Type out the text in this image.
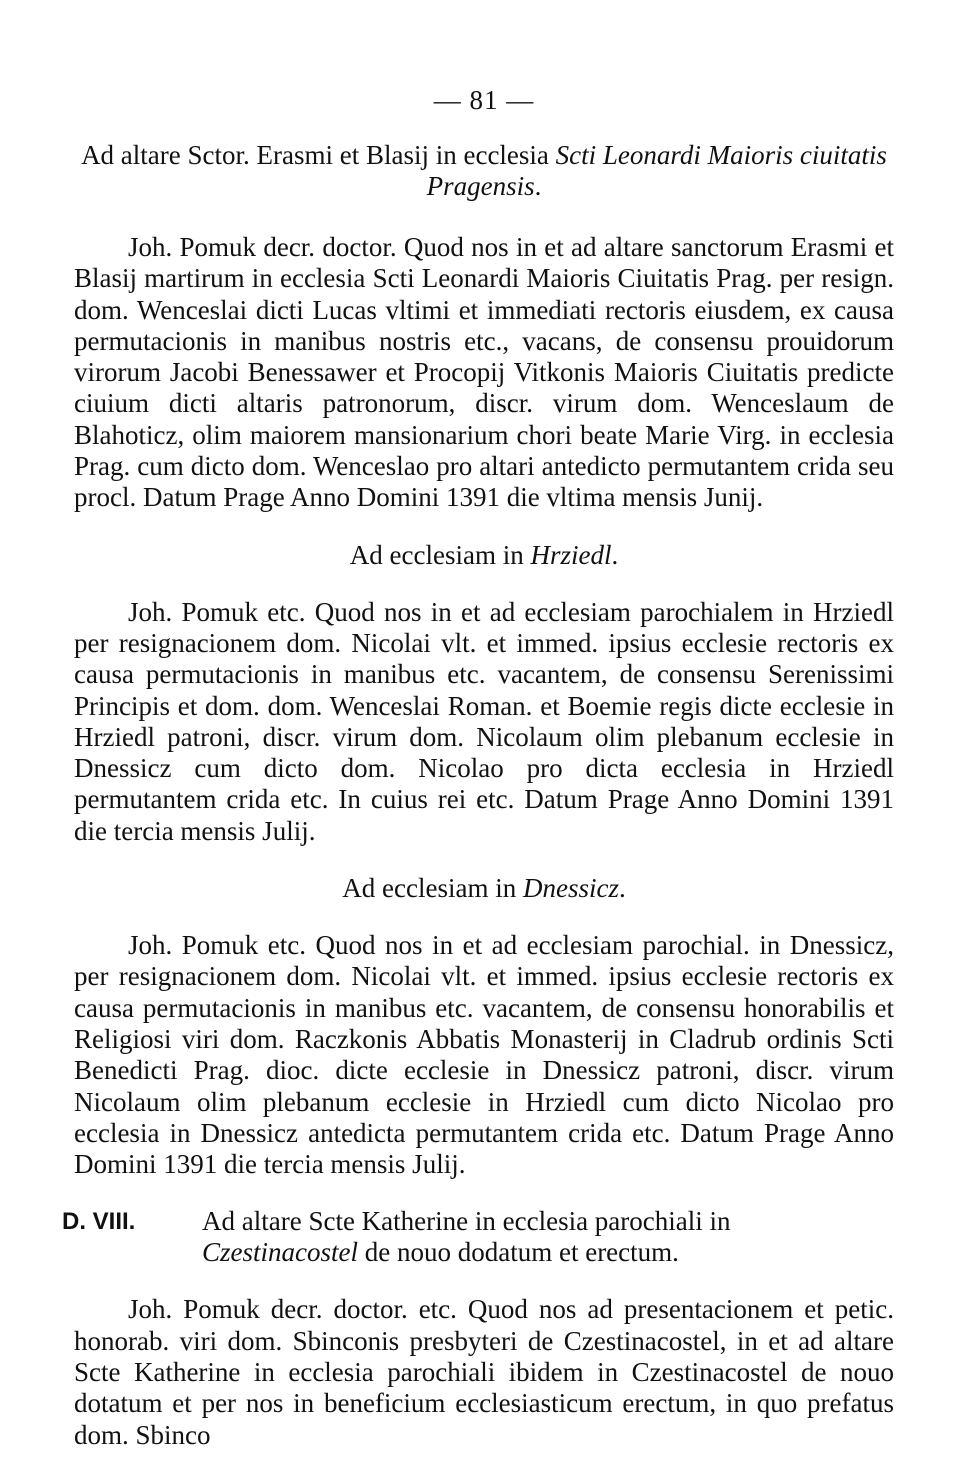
— 81 —

Ad altare Sctor. Erasmi et Blasij in ecclesia Scti Leonardi Maioris ciuitatis Pragensis.

Joh. Pomuk decr. doctor. Quod nos in et ad altare sanctorum Erasmi et Blasij martirum in ecclesia Scti Leonardi Maioris Ciuitatis Prag. per resign. dom. Wenceslai dicti Lucas vltimi et immediati rectoris eiusdem, ex causa permutacionis in manibus nostris etc., vacans, de consensu prouidorum virorum Jacobi Benessawer et Procopij Vitkonis Maioris Ciuitatis predicte ciuium dicti altaris patronorum, discr. virum dom. Wenceslaum de Blahoticz, olim maiorem mansionarium chori beate Marie Virg. in ecclesia Prag. cum dicto dom. Wenceslao pro altari antedicto permutantem crida seu procl. Datum Prage Anno Domini 1391 die vltima mensis Junij.

Ad ecclesiam in Hrziedl.

Joh. Pomuk etc. Quod nos in et ad ecclesiam parochialem in Hrziedl per resignacionem dom. Nicolai vlt. et immed. ipsius ecclesie rectoris ex causa permutacionis in manibus etc. vacantem, de consensu Serenissimi Principis et dom. dom. Wenceslai Roman. et Boemie regis dicte ecclesie in Hrziedl patroni, discr. virum dom. Nicolaum olim plebanum ecclesie in Dnessicz cum dicto dom. Nicolao pro dicta ecclesia in Hrziedl permutantem crida etc. In cuius rei etc. Datum Prage Anno Domini 1391 die tercia mensis Julij.

Ad ecclesiam in Dnessicz.

Joh. Pomuk etc. Quod nos in et ad ecclesiam parochial. in Dnessicz, per resignacionem dom. Nicolai vlt. et immed. ipsius ecclesie rectoris ex causa permutacionis in manibus etc. vacantem, de consensu honorabilis et Religiosi viri dom. Raczkonis Abbatis Monasterij in Cladrub ordinis Scti Benedicti Prag. dioc. dicte ecclesie in Dnessicz patroni, discr. virum Nicolaum olim plebanum ecclesie in Hrziedl cum dicto Nicolao pro ecclesia in Dnessicz antedicta permutantem crida etc. Datum Prage Anno Domini 1391 die tercia mensis Julij.

D. VIII. Ad altare Scte Katherine in ecclesia parochiali in
Czestinacostel de nouo dodatum et erectum.

Joh. Pomuk decr. doctor. etc. Quod nos ad presentacionem et petic. honorab. viri dom. Sbinconis presbyteri de Czestinacostel, in et ad altare Scte Katherine in ecclesia parochiali ibidem in Czestinacostel de nouo dotatum et per nos in beneficium ecclesiasticum erectum, in quo prefatus dom. Sbinco
